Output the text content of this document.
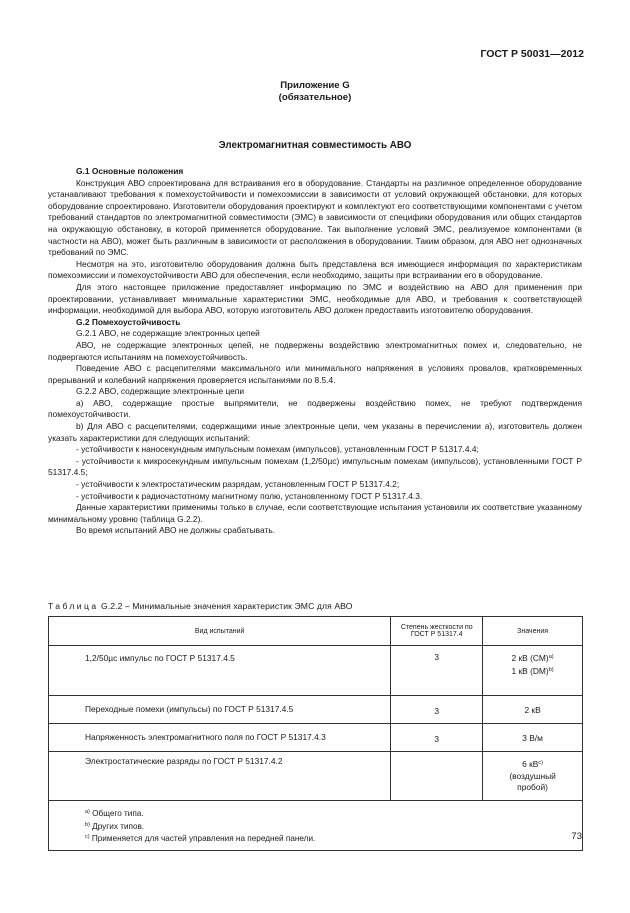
ГОСТ Р 50031—2012
Приложение G
(обязательное)
Электромагнитная совместимость АВО

G.1 Основные положения

Конструкция АВО спроектирована для встраивания его в оборудование. Стандарты на различное определенное оборудование устанавливают требования к помехоустойчивости и помехоэмиссии в зависимости от условий окружающей обстановки, для которых оборудование спроектировано. Изготовители оборудования проектируют и комплектуют его соответствующими компонентами с учетом требований стандартов по электромагнитной совместимости (ЭМС) в зависимости от специфики оборудования или общих стандартов на окружающую обстановку, в которой применяется оборудование. Так выполнение условий ЭМС, реализуемое компонентами (в частности на АВО), может быть различным в зависимости от расположения в оборудовании. Таким образом, для АВО нет однозначных требований по ЭМС.

Несмотря на это, изготовителю оборудования должна быть представлена вся имеющиеся информация по характеристикам помехоэмиссии и помехоустойчивости АВО для обеспечения, если необходимо, защиты при встраивании его в оборудование.

Для этого настоящее приложение предоставляет информацию по ЭМС и воздействию на АВО для применения при проектировании, устанавливает минимальные характеристики ЭМС, необходимые для АВО, и требования к соответствующей информации, необходимой для выбора АВО, которую изготовитель АВО должен предоставить изготовителю оборудования.

G.2 Помехоустойчивость

G.2.1 АВО, не содержащие электронных цепей

АВО, не содержащие электронных цепей, не подвержены воздействию электромагнитных помех и, следовательно, не подвергаются испытаниям на помехоустойчивость.

Поведение АВО с расцепителями максимального или минимального напряжения в условиях провалов, кратковременных прерываний и колебаний напряжения проверяется испытаниями по 8.5.4.

G.2.2 АВО, содержащие электронные цепи

a) АВО, содержащие простые выпрямители, не подвержены воздействию помех, не требуют подтверждения помехоустойчивости.

b) Для АВО с расцепителями, содержащими иные электронные цепи, чем указаны в перечислении а), изготовитель должен указать характеристики для следующих испытаний:

- устойчивости к наносекундным импульсным помехам (импульсов), установленным ГОСТ Р 51317.4.4;

- устойчивости к микросекундным импульсным помехам (1,2/50µс) импульсным помехам (импульсов), установленными ГОСТ Р 51317.4.5;

- устойчивости к электростатическим разрядам, установленным ГОСТ Р 51317.4.2;

- устойчивости к радиочастотному магнитному полю, установленному ГОСТ Р 51317.4.3.

Данные характеристики применимы только в случае, если соответствующие испытания установили их соответствие указанному минимальному уровню (таблица G.2.2).

Во время испытаний АВО не должны срабатывать.

Таблица G.2.2 – Минимальные значения характеристик ЭМС для АВО
Вид испытаний	Степень жесткости по ГОСТ Р 51317.4	Значения
1,2/50µс импульс по ГОСТ Р 51317.4.5	3	2 кВ (CM)$^{a)}$
1 кВ (DM)$^{b)}$

Переходные помехи (импульсы) по ГОСТ Р 51317.4.5	3	2 кВ
Напряженность электромагнитного поля по ГОСТ Р 51317.4.3	3	3 В/м
Электростатические разряды по ГОСТ Р 51317.4.2		6 $кВ^{c)}$
(воздушный
пробой)

$^{a)}$ Общего типа.
$^{b)}$ Других типов.
$^{c)}$ Применяется для частей управления на передней панели.			73
